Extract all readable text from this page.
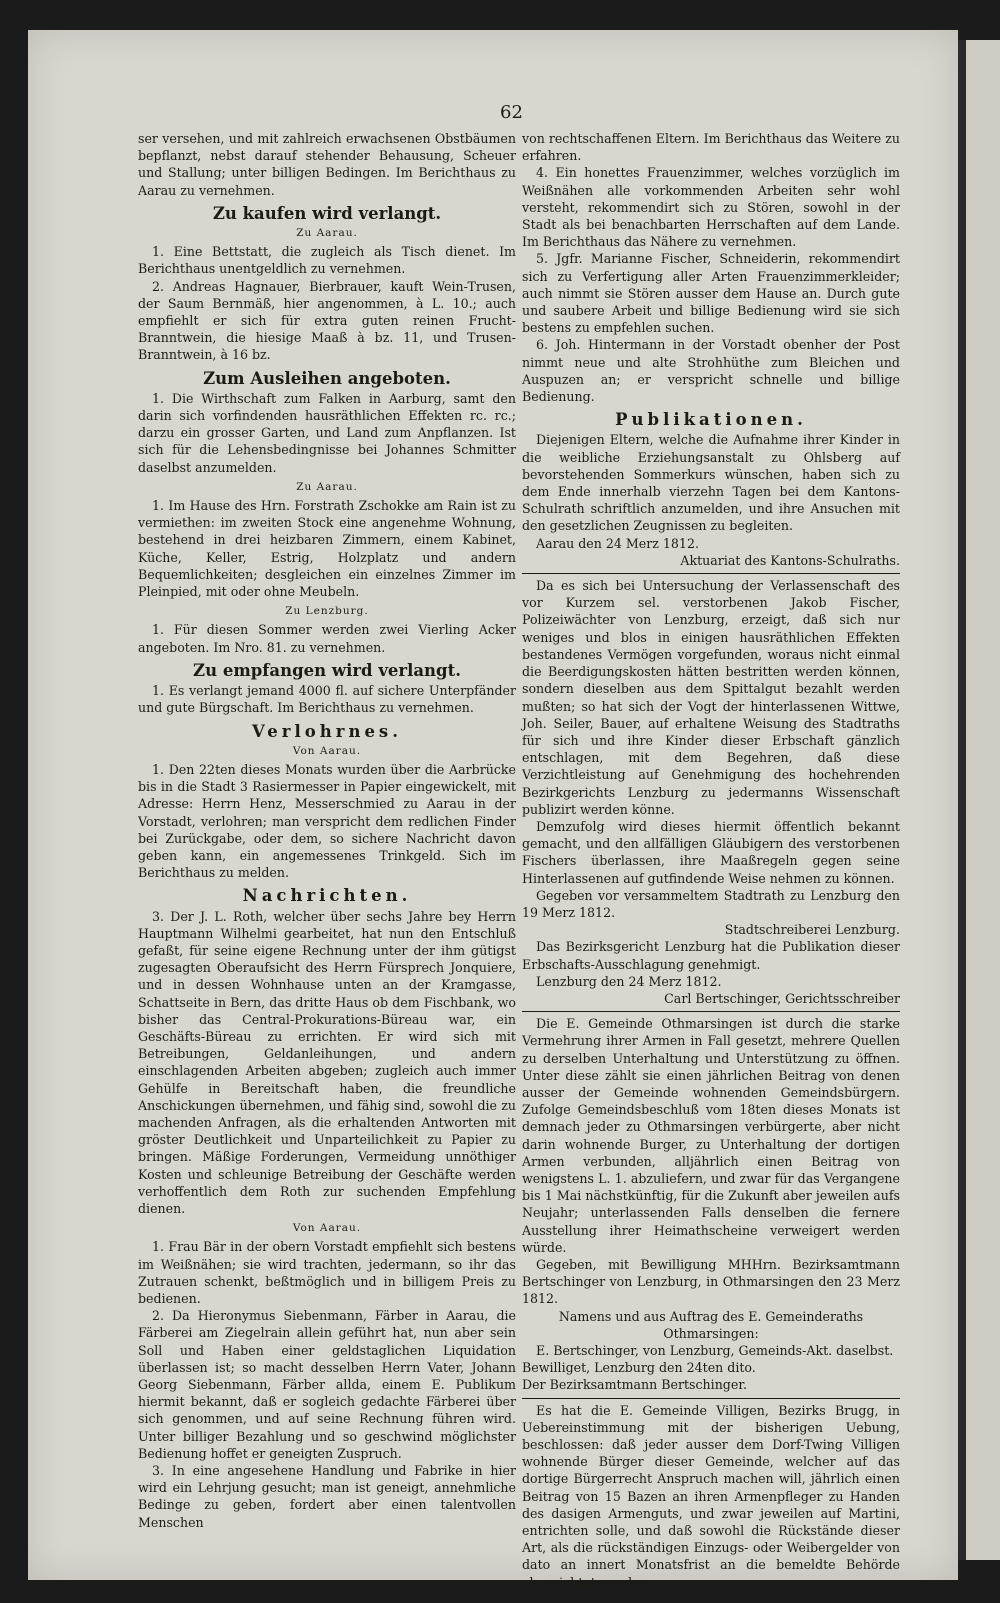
62

ser versehen, und mit zahlreich erwachsenen Obstbäumen bepflanzt, nebst darauf stehender Behausung, Scheuer und Stallung; unter billigen Bedingen. Im Berichthaus zu Aarau zu vernehmen.

Zu kaufen wird verlangt.
Zu Aarau.

1. Eine Bettstatt, die zugleich als Tisch dienet. Im Berichthaus unentgeldlich zu vernehmen.

2. Andreas Hagnauer, Bierbrauer, kauft Wein-Trusen, der Saum Bernmäß, hier angenommen, à L. 10.; auch empfiehlt er sich für extra guten reinen Frucht-Branntwein, die hiesige Maaß à bz. 11, und Trusen-Branntwein, à 16 bz.

Zum Ausleihen angeboten.

1. Die Wirthschaft zum Falken in Aarburg, samt den darin sich vorfindenden hausräthlichen Effekten rc. rc.; darzu ein grosser Garten, und Land zum Anpflanzen. Ist sich für die Lehensbedingnisse bei Johannes Schmitter daselbst anzumelden.

Zu Aarau.

1. Im Hause des Hrn. Forstrath Zschokke am Rain ist zu vermiethen: im zweiten Stock eine angenehme Wohnung, bestehend in drei heizbaren Zimmern, einem Kabinet, Küche, Keller, Estrig, Holzplatz und andern Bequemlichkeiten; desgleichen ein einzelnes Zimmer im Pleinpied, mit oder ohne Meubeln.

Zu Lenzburg.

1. Für diesen Sommer werden zwei Vierling Acker angeboten. Im Nro. 81. zu vernehmen.

Zu empfangen wird verlangt.

1. Es verlangt jemand 4000 fl. auf sichere Unterpfänder und gute Bürgschaft. Im Berichthaus zu vernehmen.

Verlohrnes.
Von Aarau.

1. Den 22ten dieses Monats wurden über die Aarbrücke bis in die Stadt 3 Rasiermesser in Papier eingewickelt, mit Adresse: Herrn Henz, Messerschmied zu Aarau in der Vorstadt, verlohren; man verspricht dem redlichen Finder bei Zurückgabe, oder dem, so sichere Nachricht davon geben kann, ein angemessenes Trinkgeld. Sich im Berichthaus zu melden.

Nachrichten.

3. Der J. L. Roth, welcher über sechs Jahre bey Herrn Hauptmann Wilhelmi gearbeitet, hat nun den Entschluß gefaßt, für seine eigene Rechnung unter der ihm gütigst zugesagten Oberaufsicht des Herrn Fürsprech Jonquiere, und in dessen Wohnhause unten an der Kramgasse, Schattseite in Bern, das dritte Haus ob dem Fischbank, wo bisher das Central-Prokurations-Büreau war, ein Geschäfts-Büreau zu errichten. Er wird sich mit Betreibungen, Geldanleihungen, und andern einschlagenden Arbeiten abgeben; zugleich auch immer Gehülfe in Bereitschaft haben, die freundliche Anschickungen übernehmen, und fähig sind, sowohl die zu machenden Anfragen, als die erhaltenden Antworten mit gröster Deutlichkeit und Unparteilichkeit zu Papier zu bringen. Mäßige Forderungen, Vermeidung unnöthiger Kosten und schleunige Betreibung der Geschäfte werden verhoffentlich dem Roth zur suchenden Empfehlung dienen.

Von Aarau.

1. Frau Bär in der obern Vorstadt empfiehlt sich bestens im Weißnähen; sie wird trachten, jedermann, so ihr das Zutrauen schenkt, beßtmöglich und in billigem Preis zu bedienen.

2. Da Hieronymus Siebenmann, Färber in Aarau, die Färberei am Ziegelrain allein geführt hat, nun aber sein Soll und Haben einer geldstaglichen Liquidation überlassen ist; so macht desselben Herrn Vater, Johann Georg Siebenmann, Färber allda, einem E. Publikum hiermit bekannt, daß er sogleich gedachte Färberei über sich genommen, und auf seine Rechnung führen wird. Unter billiger Bezahlung und so geschwind möglichster Bedienung hoffet er geneigten Zuspruch.

3. In eine angesehene Handlung und Fabrike in hier wird ein Lehrjung gesucht; man ist geneigt, annehmliche Bedinge zu geben, fordert aber einen talentvollen Menschen

von rechtschaffenen Eltern. Im Berichthaus das Weitere zu erfahren.

4. Ein honettes Frauenzimmer, welches vorzüglich im Weißnähen alle vorkommenden Arbeiten sehr wohl versteht, rekommendirt sich zu Stören, sowohl in der Stadt als bei benachbarten Herrschaften auf dem Lande. Im Berichthaus das Nähere zu vernehmen.

5. Jgfr. Marianne Fischer, Schneiderin, rekommendirt sich zu Verfertigung aller Arten Frauenzimmerkleider; auch nimmt sie Stören ausser dem Hause an. Durch gute und saubere Arbeit und billige Bedienung wird sie sich bestens zu empfehlen suchen.

6. Joh. Hintermann in der Vorstadt obenher der Post nimmt neue und alte Strohhüthe zum Bleichen und Auspuzen an; er verspricht schnelle und billige Bedienung.

Publikationen.

Diejenigen Eltern, welche die Aufnahme ihrer Kinder in die weibliche Erziehungsanstalt zu Ohlsberg auf bevorstehenden Sommerkurs wünschen, haben sich zu dem Ende innerhalb vierzehn Tagen bei dem Kantons-Schulrath schriftlich anzumelden, und ihre Ansuchen mit den gesetzlichen Zeugnissen zu begleiten.

Aarau den 24 Merz 1812.

Aktuariat des Kantons-Schulraths.

Da es sich bei Untersuchung der Verlassenschaft des vor Kurzem sel. verstorbenen Jakob Fischer, Polizeiwächter von Lenzburg, erzeigt, daß sich nur weniges und blos in einigen hausräthlichen Effekten bestandenes Vermögen vorgefunden, woraus nicht einmal die Beerdigungskosten hätten bestritten werden können, sondern dieselben aus dem Spittalgut bezahlt werden mußten; so hat sich der Vogt der hinterlassenen Wittwe, Joh. Seiler, Bauer, auf erhaltene Weisung des Stadtraths für sich und ihre Kinder dieser Erbschaft gänzlich entschlagen, mit dem Begehren, daß diese Verzichtleistung auf Genehmigung des hochehrenden Bezirkgerichts Lenzburg zu jedermanns Wissenschaft publizirt werden könne.

Demzufolg wird dieses hiermit öffentlich bekannt gemacht, und den allfälligen Gläubigern des verstorbenen Fischers überlassen, ihre Maaßregeln gegen seine Hinterlassenen auf gutfindende Weise nehmen zu können.

Gegeben vor versammeltem Stadtrath zu Lenzburg den 19 Merz 1812.

Stadtschreiberei Lenzburg.

Das Bezirksgericht Lenzburg hat die Publikation dieser Erbschafts-Ausschlagung genehmigt.

Lenzburg den 24 Merz 1812.

Carl Bertschinger, Gerichtsschreiber

Die E. Gemeinde Othmarsingen ist durch die starke Vermehrung ihrer Armen in Fall gesetzt, mehrere Quellen zu derselben Unterhaltung und Unterstützung zu öffnen. Unter diese zählt sie einen jährlichen Beitrag von denen ausser der Gemeinde wohnenden Gemeindsbürgern. Zufolge Gemeindsbeschluß vom 18ten dieses Monats ist demnach jeder zu Othmarsingen verbürgerte, aber nicht darin wohnende Burger, zu Unterhaltung der dortigen Armen verbunden, alljährlich einen Beitrag von wenigstens L. 1. abzuliefern, und zwar für das Vergangene bis 1 Mai nächstkünftig, für die Zukunft aber jeweilen aufs Neujahr; unterlassenden Falls denselben die fernere Ausstellung ihrer Heimathscheine verweigert werden würde.

Gegeben, mit Bewilligung MHHrn. Bezirksamtmann Bertschinger von Lenzburg, in Othmarsingen den 23 Merz 1812.

Namens und aus Auftrag des E. Gemeinderaths Othmarsingen:

E. Bertschinger, von Lenzburg, Gemeinds-Akt. daselbst.

Bewilliget, Lenzburg den 24ten dito.

Der Bezirksamtmann Bertschinger.

Es hat die E. Gemeinde Villigen, Bezirks Brugg, in Uebereinstimmung mit der bisherigen Uebung, beschlossen: daß jeder ausser dem Dorf-Twing Villigen wohnende Bürger dieser Gemeinde, welcher auf das dortige Bürgerrecht Anspruch machen will, jährlich einen Beitrag von 15 Bazen an ihren Armenpfleger zu Handen des dasigen Armenguts, und zwar jeweilen auf Martini, entrichten solle, und daß sowohl die Rückstände dieser Art, als die rückständigen Einzugs- oder Weibergelder von dato an innert Monatsfrist an die bemeldte Behörde abgerichtet werden
